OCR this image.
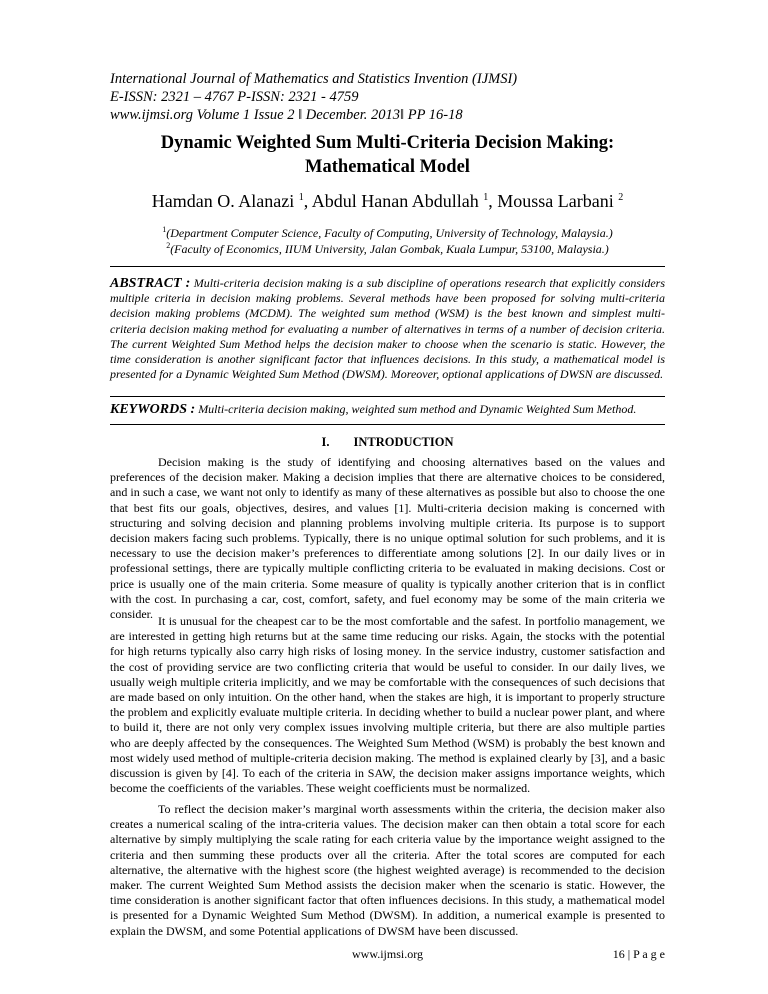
International Journal of Mathematics and Statistics Invention (IJMSI)
E-ISSN: 2321 – 4767 P-ISSN: 2321 - 4759
www.ijmsi.org Volume 1 Issue 2 ǁ December. 2013ǁ PP 16-18
Dynamic Weighted Sum Multi-Criteria Decision Making: Mathematical Model
Hamdan O. Alanazi $^1$, Abdul Hanan Abdullah $^1$, Moussa Larbani $^2$
$^1$(Department Computer Science, Faculty of Computing, University of Technology, Malaysia.)
$^2$(Faculty of Economics, IIUM University, Jalan Gombak, Kuala Lumpur, 53100, Malaysia.)
ABSTRACT : Multi-criteria decision making is a sub discipline of operations research that explicitly considers multiple criteria in decision making problems. Several methods have been proposed for solving multi-criteria decision making problems (MCDM). The weighted sum method (WSM) is the best known and simplest multi-criteria decision making method for evaluating a number of alternatives in terms of a number of decision criteria. The current Weighted Sum Method helps the decision maker to choose when the scenario is static. However, the time consideration is another significant factor that influences decisions. In this study, a mathematical model is presented for a Dynamic Weighted Sum Method (DWSM). Moreover, optional applications of DWSN are discussed.
KEYWORDS : Multi-criteria decision making, weighted sum method and Dynamic Weighted Sum Method.
I. INTRODUCTION

Decision making is the study of identifying and choosing alternatives based on the values and preferences of the decision maker. Making a decision implies that there are alternative choices to be considered, and in such a case, we want not only to identify as many of these alternatives as possible but also to choose the one that best fits our goals, objectives, desires, and values [1]. Multi-criteria decision making is concerned with structuring and solving decision and planning problems involving multiple criteria. Its purpose is to support decision makers facing such problems. Typically, there is no unique optimal solution for such problems, and it is necessary to use the decision maker’s preferences to differentiate among solutions [2]. In our daily lives or in professional settings, there are typically multiple conflicting criteria to be evaluated in making decisions. Cost or price is usually one of the main criteria. Some measure of quality is typically another criterion that is in conflict with the cost. In purchasing a car, cost, comfort, safety, and fuel economy may be some of the main criteria we consider. It is unusual for the cheapest car to be the most comfortable and the safest. In portfolio management, we are interested in getting high returns but at the same time reducing our risks. Again, the stocks with the potential for high returns typically also carry high risks of losing money. In the service industry, customer satisfaction and the cost of providing service are two conflicting criteria that would be useful to consider. In our daily lives, we usually weigh multiple criteria implicitly, and we may be comfortable with the consequences of such decisions that are made based on only intuition. On the other hand, when the stakes are high, it is important to properly structure the problem and explicitly evaluate multiple criteria. In deciding whether to build a nuclear power plant, and where to build it, there are not only very complex issues involving multiple criteria, but there are also multiple parties who are deeply affected by the consequences. The Weighted Sum Method (WSM) is probably the best known and most widely used method of multiple-criteria decision making. The method is explained clearly by [3], and a basic discussion is given by [4]. To each of the criteria in SAW, the decision maker assigns importance weights, which become the coefficients of the variables. These weight coefficients must be normalized.

To reflect the decision maker’s marginal worth assessments within the criteria, the decision maker also creates a numerical scaling of the intra-criteria values. The decision maker can then obtain a total score for each alternative by simply multiplying the scale rating for each criteria value by the importance weight assigned to the criteria and then summing these products over all the criteria. After the total scores are computed for each alternative, the alternative with the highest score (the highest weighted average) is recommended to the decision maker. The current Weighted Sum Method assists the decision maker when the scenario is static. However, the time consideration is another significant factor that often influences decisions. In this study, a mathematical model is presented for a Dynamic Weighted Sum Method (DWSM). In addition, a numerical example is presented to explain the DWSM, and some Potential applications of DWSM have been discussed.

www.ijmsi.org	16 | P a g e
